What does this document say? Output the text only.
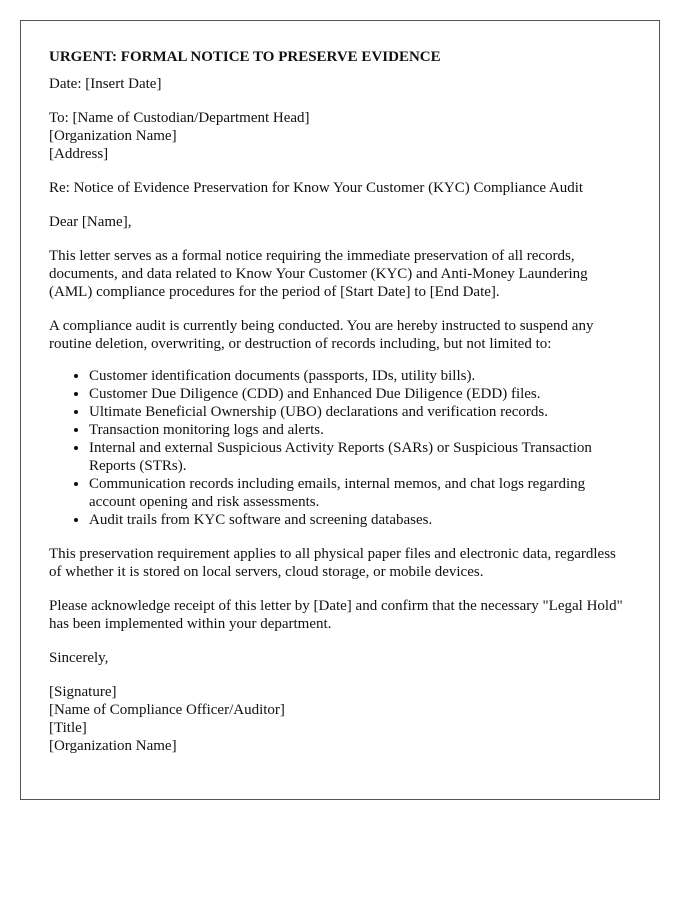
URGENT: FORMAL NOTICE TO PRESERVE EVIDENCE

Date: [Insert Date]

To: [Name of Custodian/Department Head]
[Organization Name]
[Address]

Re: Notice of Evidence Preservation for Know Your Customer (KYC) Compliance Audit

Dear [Name],

This letter serves as a formal notice requiring the immediate preservation of all records, documents, and data related to Know Your Customer (KYC) and Anti-Money Laundering (AML) compliance procedures for the period of [Start Date] to [End Date].

A compliance audit is currently being conducted. You are hereby instructed to suspend any routine deletion, overwriting, or destruction of records including, but not limited to:

• Customer identification documents (passports, IDs, utility bills).
• Customer Due Diligence (CDD) and Enhanced Due Diligence (EDD) files.
• Ultimate Beneficial Ownership (UBO) declarations and verification records.
• Transaction monitoring logs and alerts.
• Internal and external Suspicious Activity Reports (SARs) or Suspicious Transaction Reports (STRs).
• Communication records including emails, internal memos, and chat logs regarding account opening and risk assessments.
• Audit trails from KYC software and screening databases.

This preservation requirement applies to all physical paper files and electronic data, regardless of whether it is stored on local servers, cloud storage, or mobile devices.

Please acknowledge receipt of this letter by [Date] and confirm that the necessary "Legal Hold" has been implemented within your department.

Sincerely,

[Signature]
[Name of Compliance Officer/Auditor]
[Title]
[Organization Name]
